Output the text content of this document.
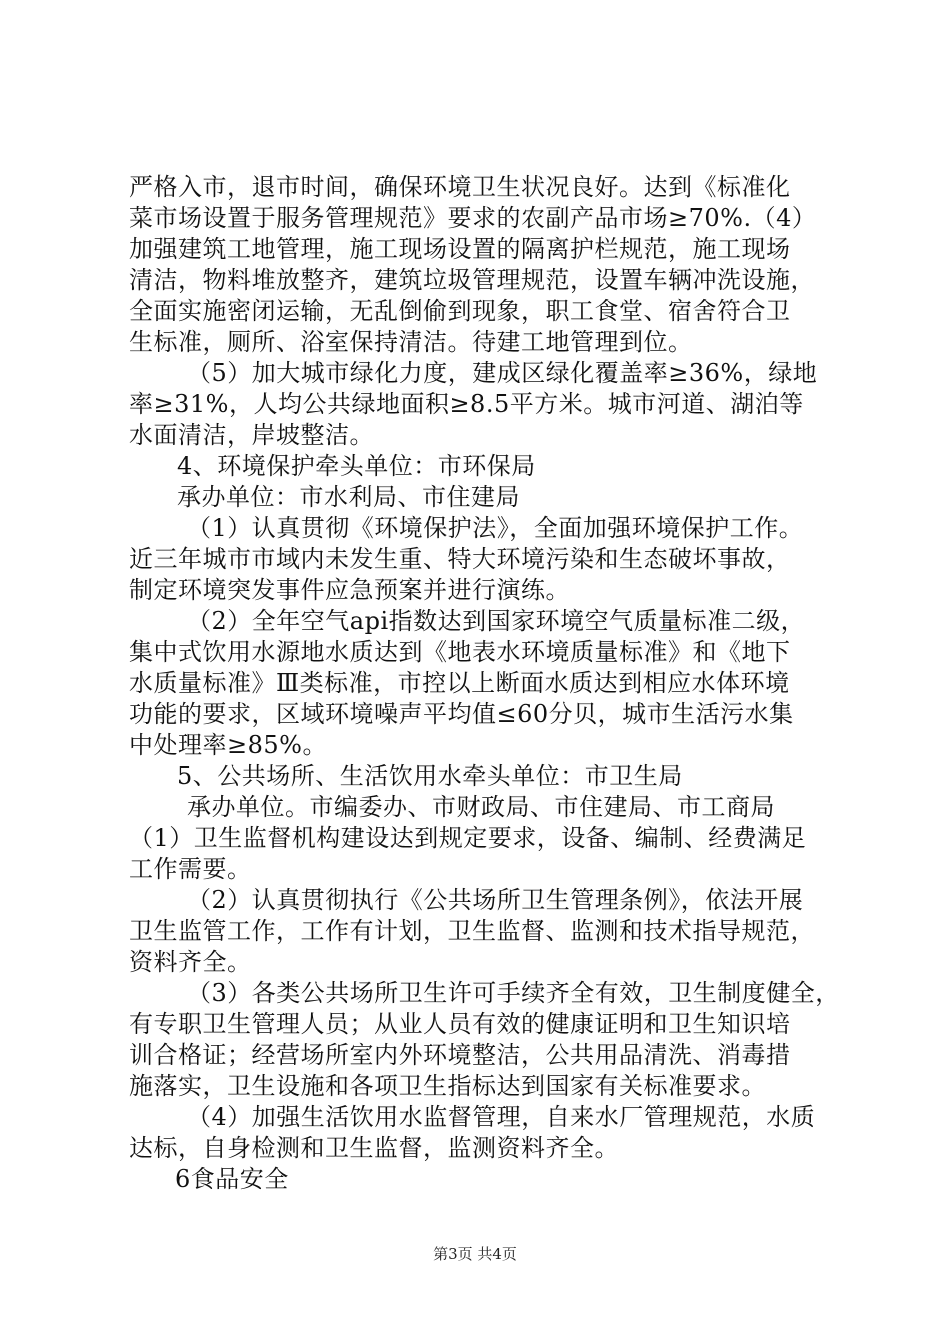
严格入市，退市时间，确保环境卫生状况良好。达到《标准化
菜市场设置于服务管理规范》要求的农副产品市场≥70%.（4）
加强建筑工地管理，施工现场设置的隔离护栏规范，施工现场
清洁，物料堆放整齐，建筑垃圾管理规范，设置车辆冲洗设施，
全面实施密闭运输，无乱倒偷到现象，职工食堂、宿舍符合卫
生标准，厕所、浴室保持清洁。待建工地管理到位。
（5）加大城市绿化力度，建成区绿化覆盖率≥36%，绿地
率≥31%，人均公共绿地面积≥8.5平方米。城市河道、湖泊等
水面清洁，岸坡整洁。
4、环境保护牵头单位：市环保局
承办单位：市水利局、市住建局
（1）认真贯彻《环境保护法》，全面加强环境保护工作。
近三年城市市域内未发生重、特大环境污染和生态破坏事故，
制定环境突发事件应急预案并进行演练。
（2）全年空气api指数达到国家环境空气质量标准二级，
集中式饮用水源地水质达到《地表水环境质量标准》和《地下
水质量标准》Ⅲ类标准，市控以上断面水质达到相应水体环境
功能的要求，区域环境噪声平均值≤60分贝，城市生活污水集
中处理率≥85%。
5、公共场所、生活饮用水牵头单位：市卫生局
承办单位。市编委办、市财政局、市住建局、市工商局
（1）卫生监督机构建设达到规定要求，设备、编制、经费满足
工作需要。
（2）认真贯彻执行《公共场所卫生管理条例》，依法开展
卫生监管工作，工作有计划，卫生监督、监测和技术指导规范，
资料齐全。
（3）各类公共场所卫生许可手续齐全有效，卫生制度健全，
有专职卫生管理人员；从业人员有效的健康证明和卫生知识培
训合格证；经营场所室内外环境整洁，公共用品清洗、消毒措
施落实，卫生设施和各项卫生指标达到国家有关标准要求。
（4）加强生活饮用水监督管理，自来水厂管理规范，水质
达标，自身检测和卫生监督，监测资料齐全。
6食品安全
第3页 共4页
